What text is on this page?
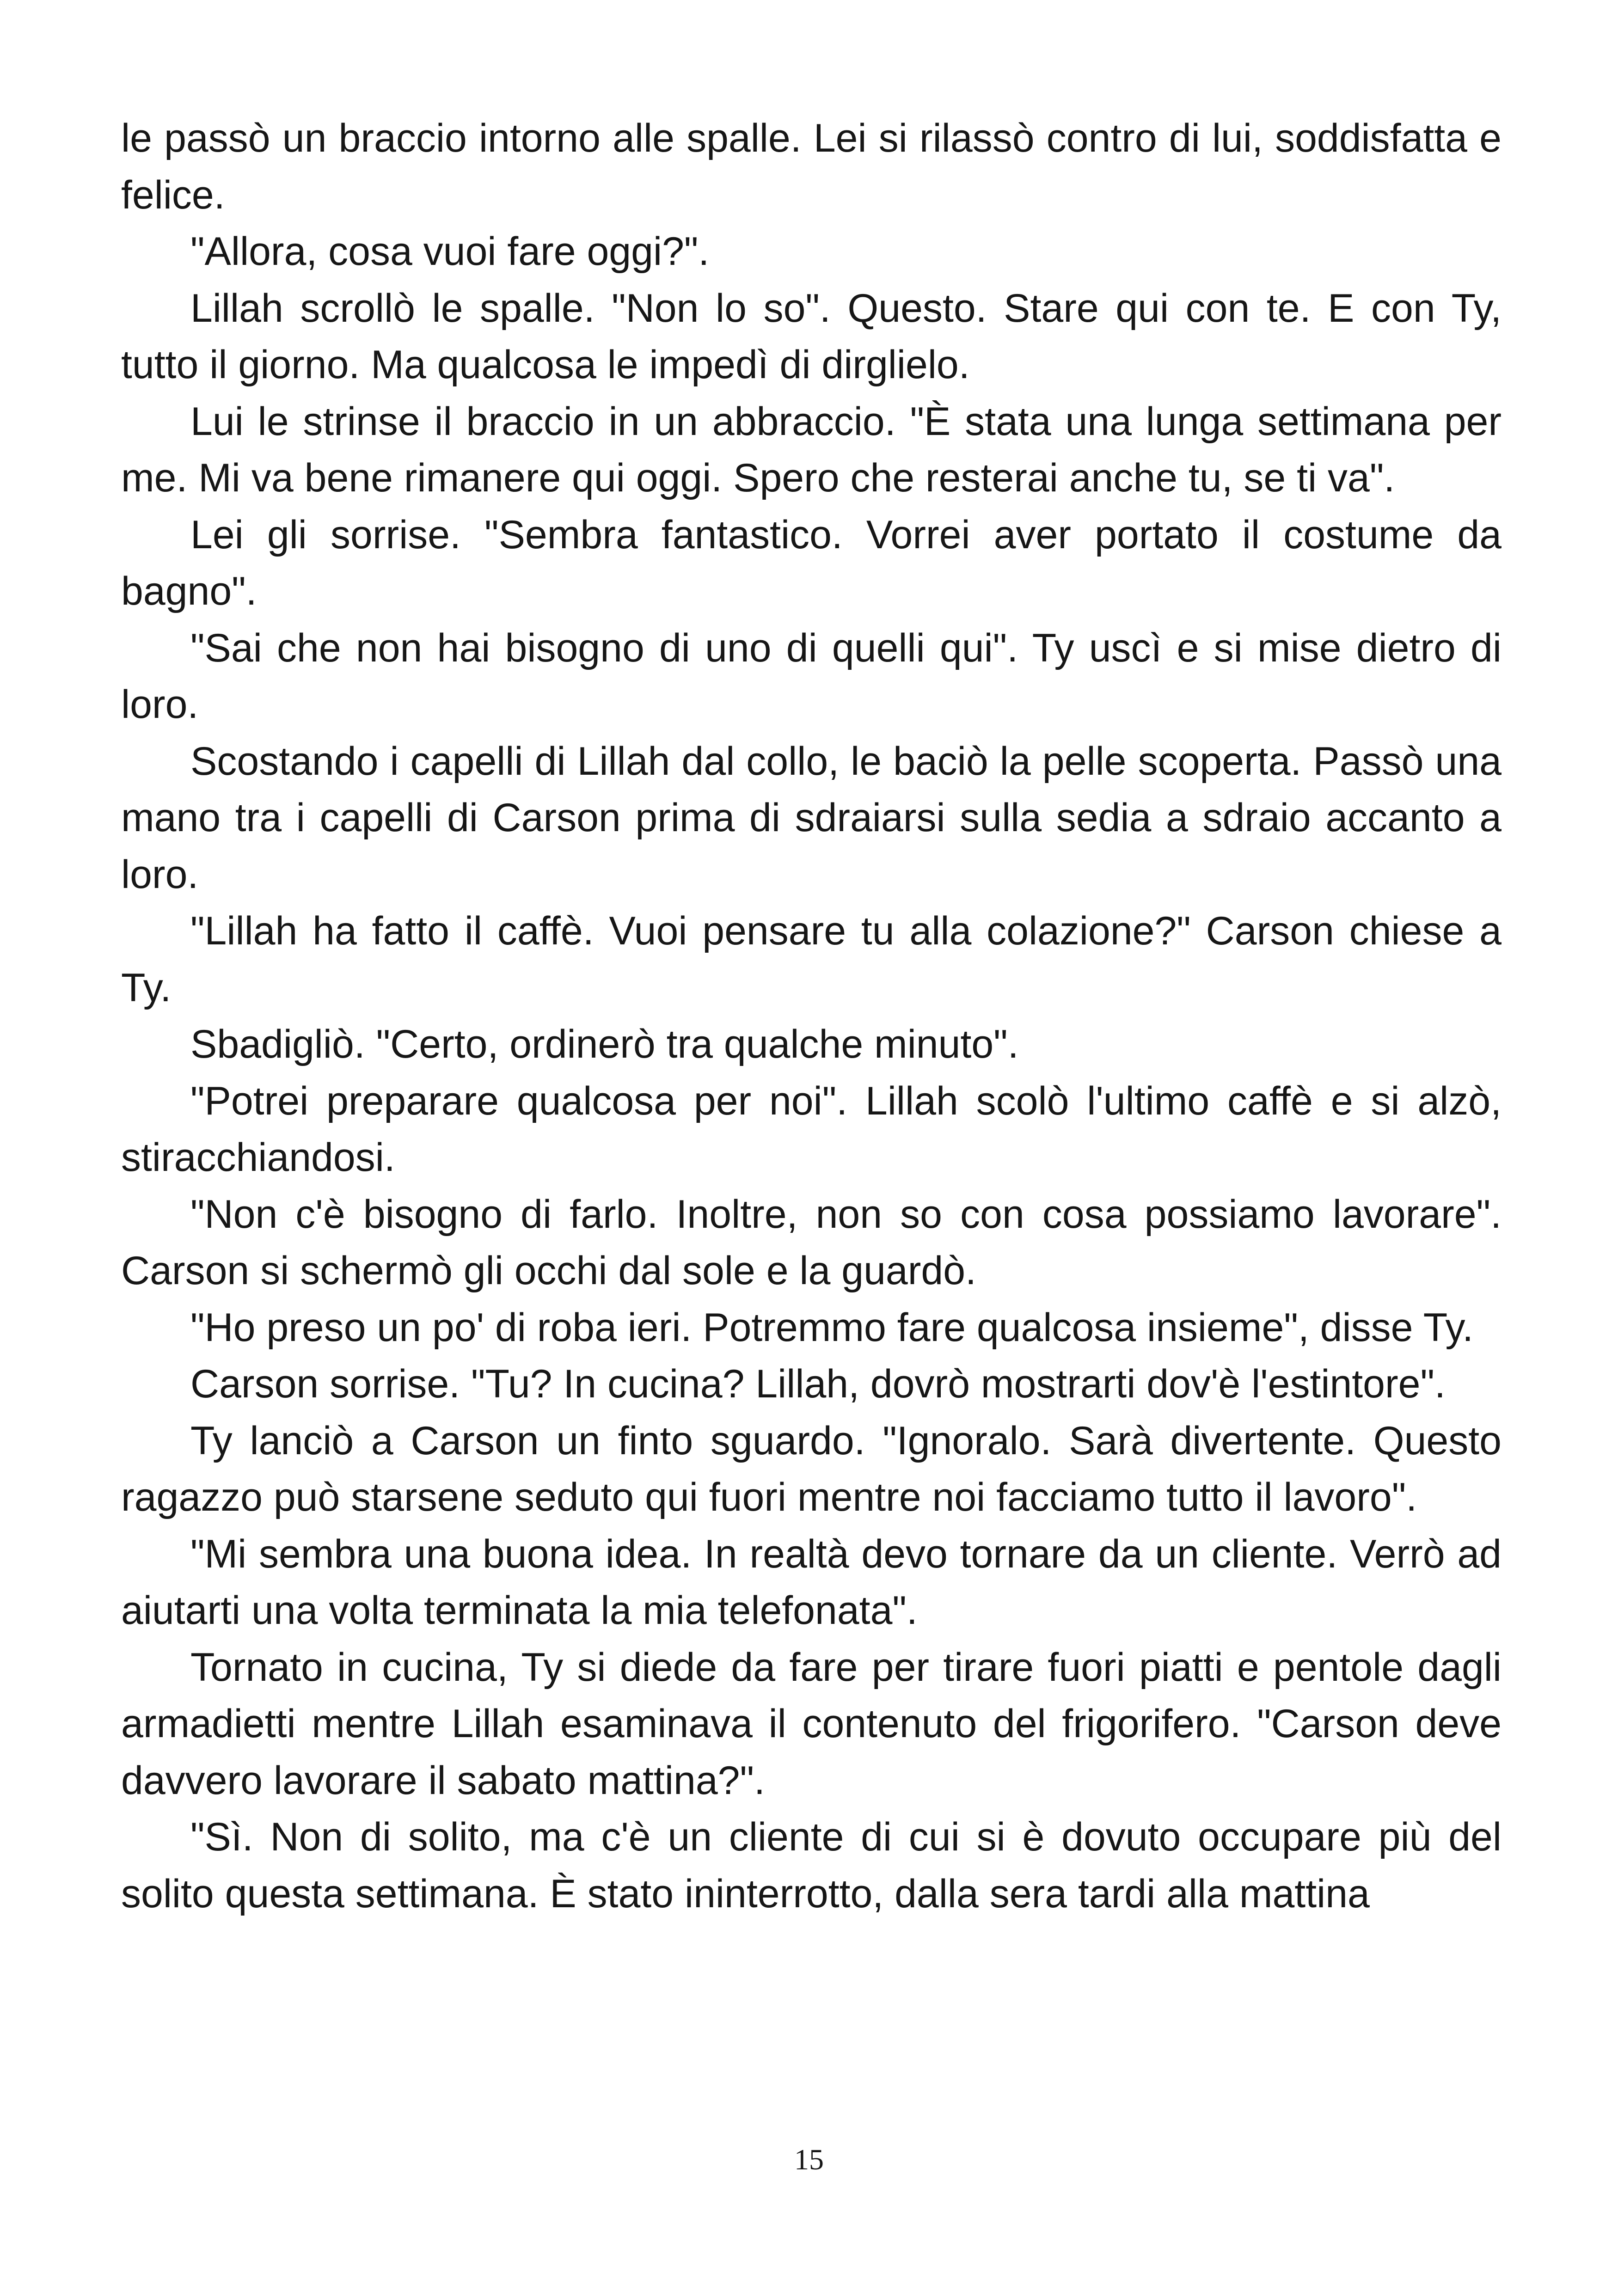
le passò un braccio intorno alle spalle. Lei si rilassò contro di lui, soddisfatta e felice.

"Allora, cosa vuoi fare oggi?".

Lillah scrollò le spalle. "Non lo so". Questo. Stare qui con te. E con Ty, tutto il giorno. Ma qualcosa le impedì di dirglielo.

Lui le strinse il braccio in un abbraccio. "È stata una lunga settimana per me. Mi va bene rimanere qui oggi. Spero che resterai anche tu, se ti va".

Lei gli sorrise. "Sembra fantastico. Vorrei aver portato il costume da bagno".

"Sai che non hai bisogno di uno di quelli qui". Ty uscì e si mise dietro di loro.

Scostando i capelli di Lillah dal collo, le baciò la pelle scoperta. Passò una mano tra i capelli di Carson prima di sdraiarsi sulla sedia a sdraio accanto a loro.

"Lillah ha fatto il caffè. Vuoi pensare tu alla colazione?" Carson chiese a Ty.

Sbadigliò. "Certo, ordinerò tra qualche minuto".

"Potrei preparare qualcosa per noi". Lillah scolò l'ultimo caffè e si alzò, stiracchiandosi.

"Non c'è bisogno di farlo. Inoltre, non so con cosa possiamo lavorare". Carson si schermò gli occhi dal sole e la guardò.

"Ho preso un po' di roba ieri. Potremmo fare qualcosa insieme", disse Ty.

Carson sorrise. "Tu? In cucina? Lillah, dovrò mostrarti dov'è l'estintore".

Ty lanciò a Carson un finto sguardo. "Ignoralo. Sarà divertente. Questo ragazzo può starsene seduto qui fuori mentre noi facciamo tutto il lavoro".

"Mi sembra una buona idea. In realtà devo tornare da un cliente. Verrò ad aiutarti una volta terminata la mia telefonata".

Tornato in cucina, Ty si diede da fare per tirare fuori piatti e pentole dagli armadietti mentre Lillah esaminava il contenuto del frigorifero. "Carson deve davvero lavorare il sabato mattina?".

"Sì. Non di solito, ma c'è un cliente di cui si è dovuto occupare più del solito questa settimana. È stato ininterrotto, dalla sera tardi alla mattina

15
